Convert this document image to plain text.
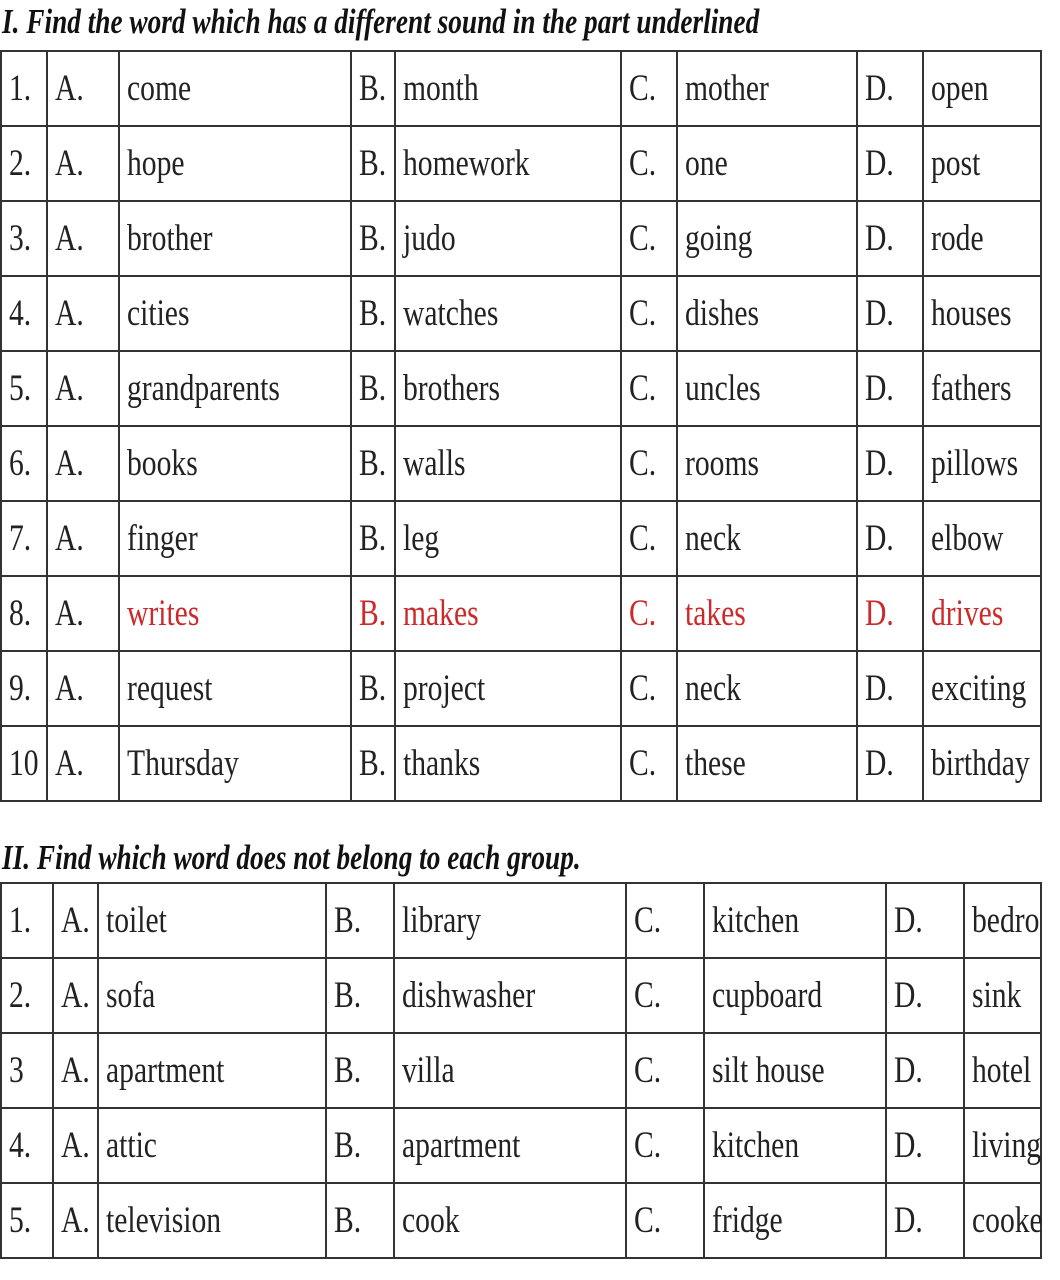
I. Find the word which has a different sound in the part underlined
1.	A.	come	B.	month	C.	mother	D.	open
2.	A.	hope	B.	homework	C.	one	D.	post
3.	A.	brother	B.	judo	C.	going	D.	rode
4.	A.	cities	B.	watches	C.	dishes	D.	houses
5.	A.	grandparents	B.	brothers	C.	uncles	D.	fathers
6.	A.	books	B.	walls	C.	rooms	D.	pillows
7.	A.	finger	B.	leg	C.	neck	D.	elbow
8.	A.	writes	B.	makes	C.	takes	D.	drives
9.	A.	request	B.	project	C.	neck	D.	exciting
10	A.	Thursday	B.	thanks	C.	these	D.	birthday
II. Find which word does not belong to each group.
1.	A.	toilet	B.	library	C.	kitchen	D.	bedro
2.	A.	sofa	B.	dishwasher	C.	cupboard	D.	sink
3	A.	apartment	B.	villa	C.	silt house	D.	hotel
4.	A.	attic	B.	apartment	C.	kitchen	D.	living
5.	A.	television	B.	cook	C.	fridge	D.	cooke
